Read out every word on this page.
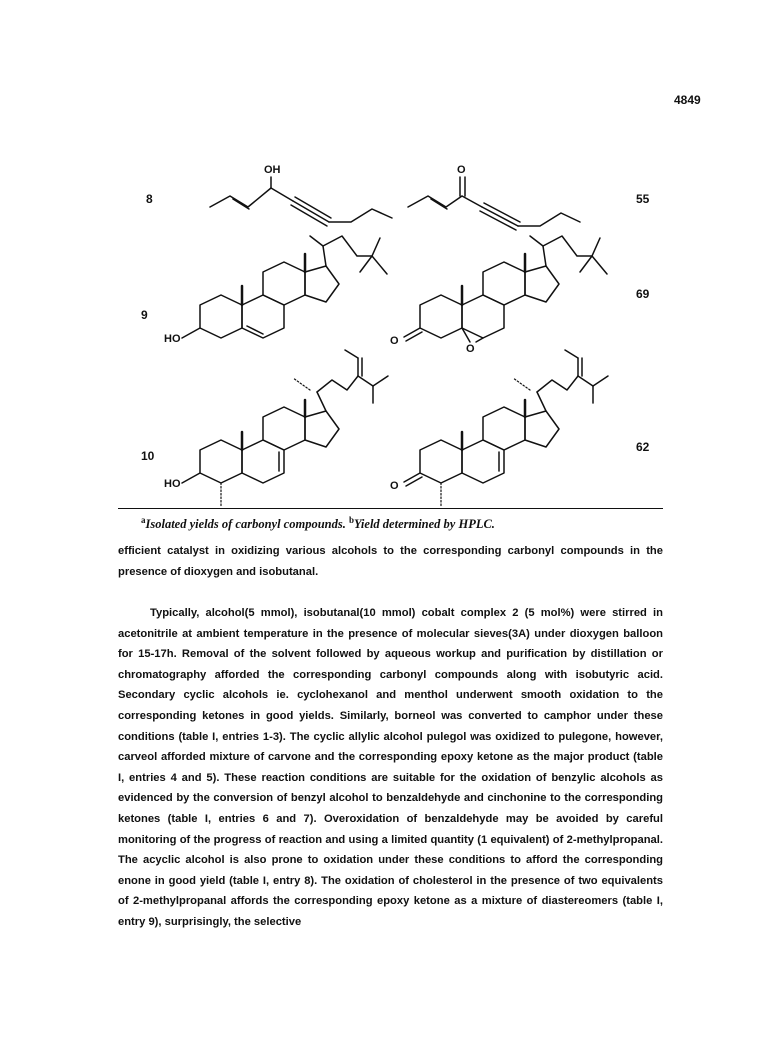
4849
8	55
OH	O
9
69
HO	O
O
10
62
HO	O
$^a$Isolated yields of carbonyl compounds. $^b$Yield determined by HPLC.

efficient catalyst in oxidizing various alcohols to the corresponding carbonyl compounds in the presence of dioxygen and isobutanal.

Typically, alcohol(5 mmol), isobutanal(10 mmol) cobalt complex 2 (5 mol%) were stirred in acetonitrile at ambient temperature in the presence of molecular sieves(3A) under dioxygen balloon for 15-17h. Removal of the solvent followed by aqueous workup and purification by distillation or chromatography afforded the corresponding carbonyl compounds along with isobutyric acid. Secondary cyclic alcohols ie. cyclohexanol and menthol underwent smooth oxidation to the corresponding ketones in good yields. Similarly, borneol was converted to camphor under these conditions (table I, entries 1-3). The cyclic allylic alcohol pulegol was oxidized to pulegone, however, carveol afforded mixture of carvone and the corresponding epoxy ketone as the major product (table I, entries 4 and 5). These reaction conditions are suitable for the oxidation of benzylic alcohols as evidenced by the conversion of benzyl alcohol to benzaldehyde and cinchonine to the corresponding ketones (table I, entries 6 and 7). Overoxidation of benzaldehyde may be avoided by careful monitoring of the progress of reaction and using a limited quantity (1 equivalent) of 2-methylpropanal. The acyclic alcohol is also prone to oxidation under these conditions to afford the corresponding enone in good yield (table I, entry 8). The oxidation of cholesterol in the presence of two equivalents of 2-methylpropanal affords the corresponding epoxy ketone as a mixture of diastereomers (table I, entry 9), surprisingly, the selective
